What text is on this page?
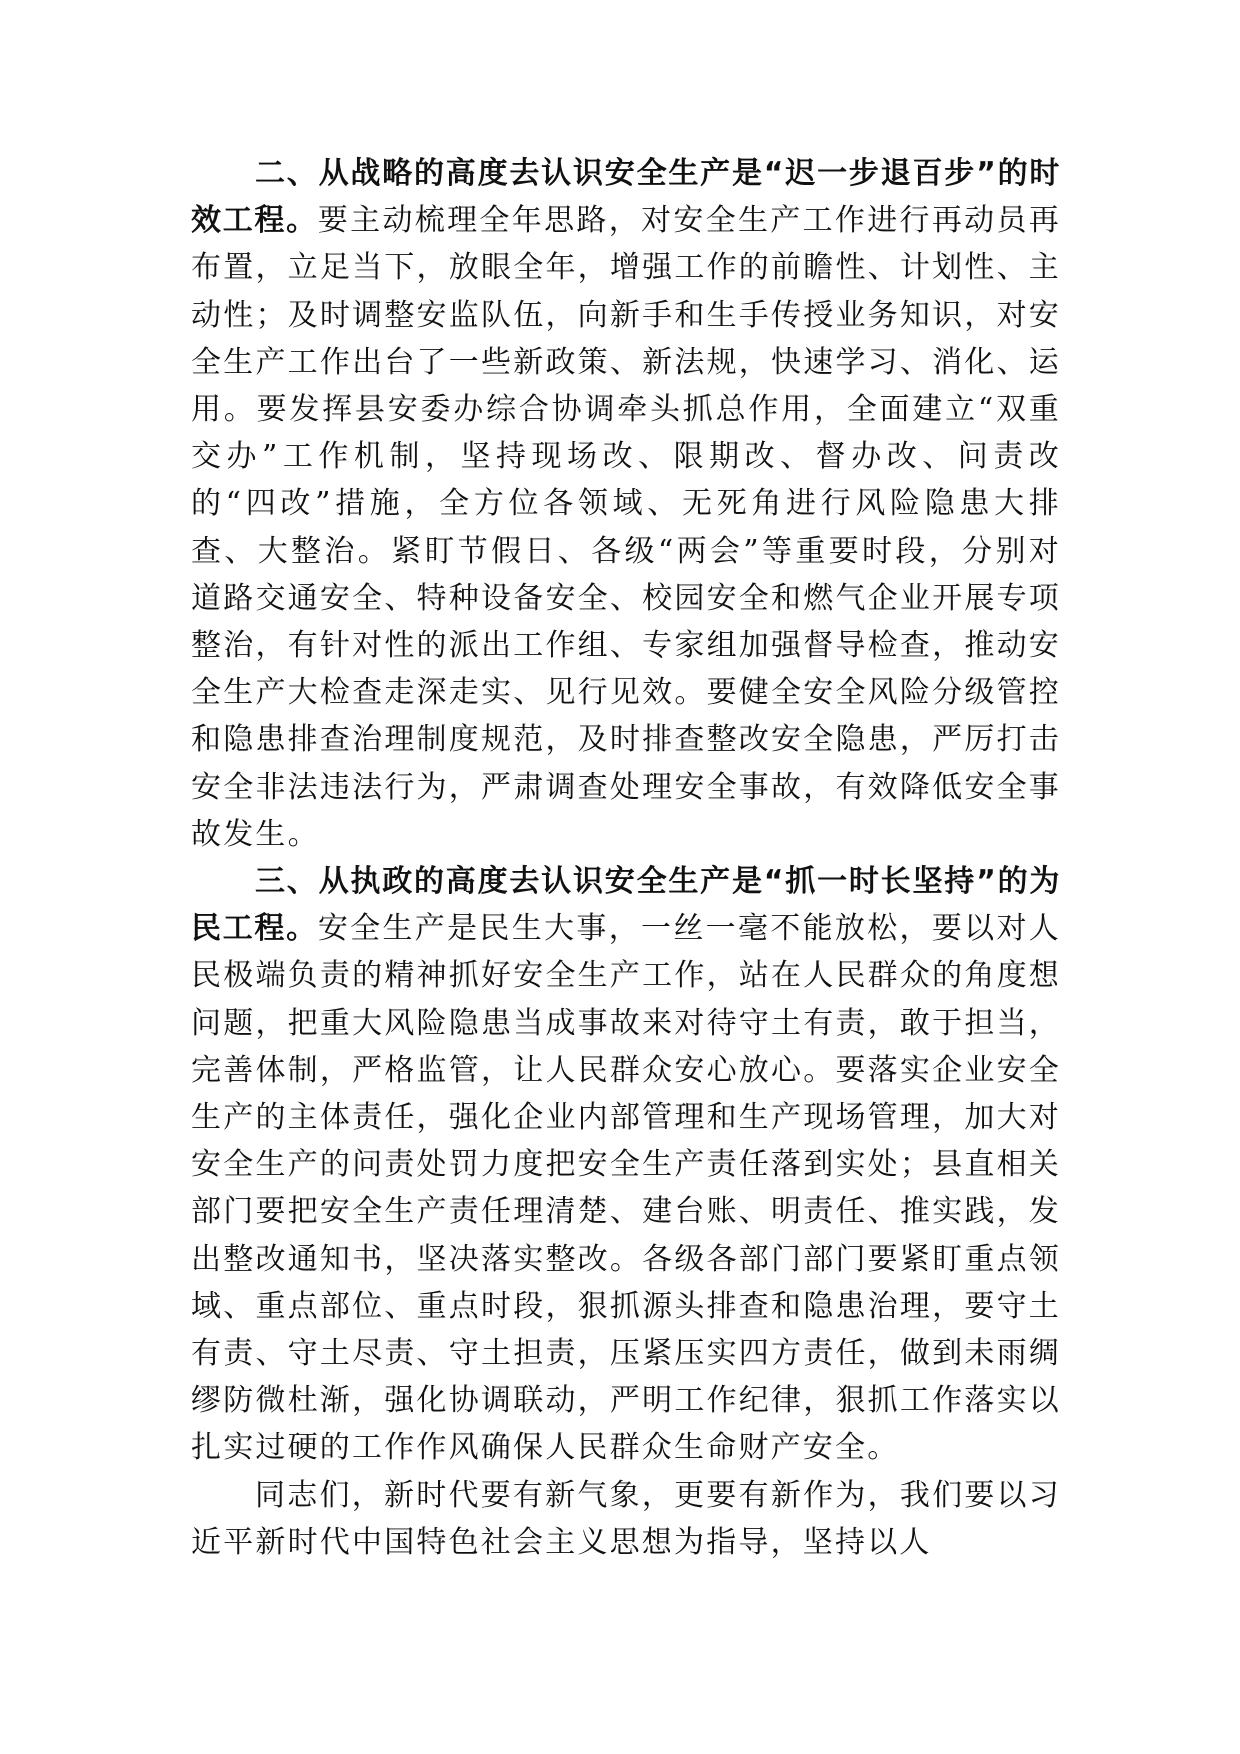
二、从战略的高度去认识安全生产是“迟一步退百步”的时效工程。要主动梳理全年思路，对安全生产工作进行再动员再布置，立足当下，放眼全年，增强工作的前瞻性、计划性、主动性；及时调整安监队伍，向新手和生手传授业务知识，对安全生产工作出台了一些新政策、新法规，快速学习、消化、运用。要发挥县安委办综合协调牵头抓总作用，全面建立“双重交办”工作机制，坚持现场改、限期改、督办改、问责改的“四改”措施，全方位各领域、无死角进行风险隐患大排查、大整治。紧盯节假日、各级“两会”等重要时段，分别对道路交通安全、特种设备安全、校园安全和燃气企业开展专项整治，有针对性的派出工作组、专家组加强督导检查，推动安全生产大检查走深走实、见行见效。要健全安全风险分级管控和隐患排查治理制度规范，及时排查整改安全隐患，严厉打击安全非法违法行为，严肃调查处理安全事故，有效降低安全事故发生。

三、从执政的高度去认识安全生产是“抓一时长坚持”的为民工程。安全生产是民生大事，一丝一毫不能放松，要以对人民极端负责的精神抓好安全生产工作，站在人民群众的角度想问题，把重大风险隐患当成事故来对待守土有责，敢于担当，完善体制，严格监管，让人民群众安心放心。要落实企业安全生产的主体责任，强化企业内部管理和生产现场管理，加大对安全生产的问责处罚力度把安全生产责任落到实处；县直相关部门要把安全生产责任理清楚、建台账、明责任、推实践，发出整改通知书，坚决落实整改。各级各部门部门要紧盯重点领域、重点部位、重点时段，狠抓源头排查和隐患治理，要守土有责、守土尽责、守土担责，压紧压实四方责任，做到未雨绸缪防微杜渐，强化协调联动，严明工作纪律，狠抓工作落实以扎实过硬的工作作风确保人民群众生命财产安全。

同志们，新时代要有新气象，更要有新作为，我们要以习近平新时代中国特色社会主义思想为指导，坚持以人
